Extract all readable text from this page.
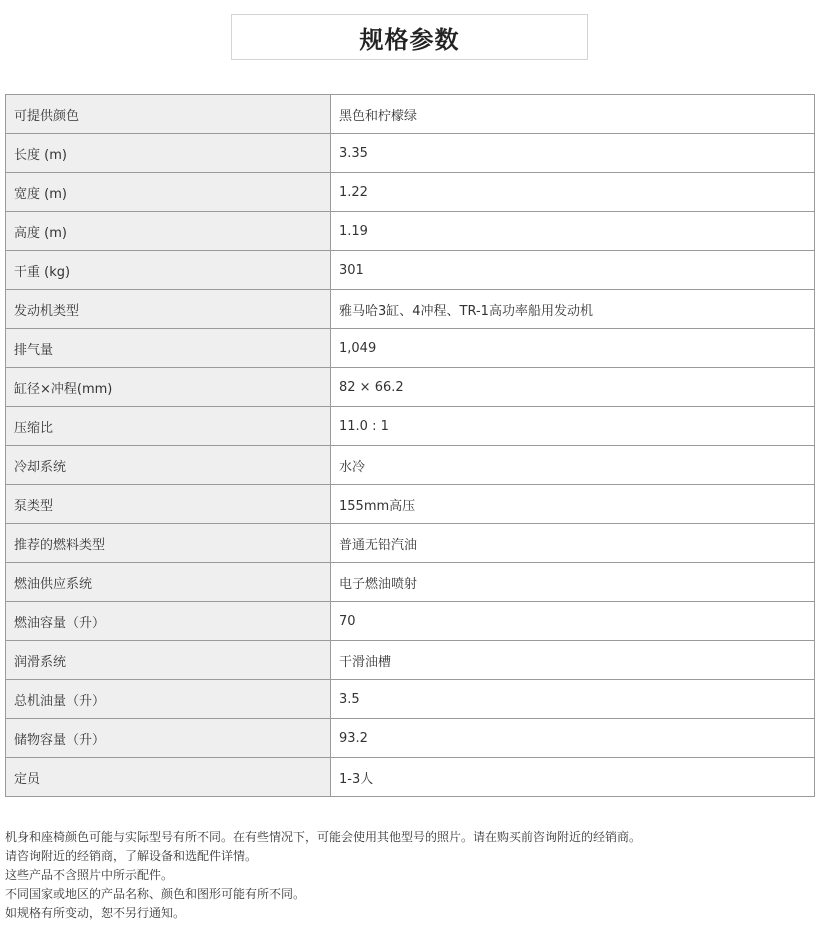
规格参数
可提供颜色	黑色和柠檬绿
长度 (m)	3.35
宽度 (m)	1.22
高度 (m)	1.19
干重 (kg)	301
发动机类型	雅马哈3缸、4冲程、TR-1高功率船用发动机
排气量	1,049
缸径×冲程(mm)	82 × 66.2
压缩比	11.0 : 1
冷却系统	水冷
泵类型	155mm高压
推荐的燃料类型	普通无铅汽油
燃油供应系统	电子燃油喷射
燃油容量（升）	70
润滑系统	干滑油槽
总机油量（升）	3.5
储物容量（升）	93.2
定员	1-3人
机身和座椅颜色可能与实际型号有所不同。在有些情况下，可能会使用其他型号的照片。请在购买前咨询附近的经销商。
请咨询附近的经销商，了解设备和选配件详情。
这些产品不含照片中所示配件。
不同国家或地区的产品名称、颜色和图形可能有所不同。
如规格有所变动，恕不另行通知。
